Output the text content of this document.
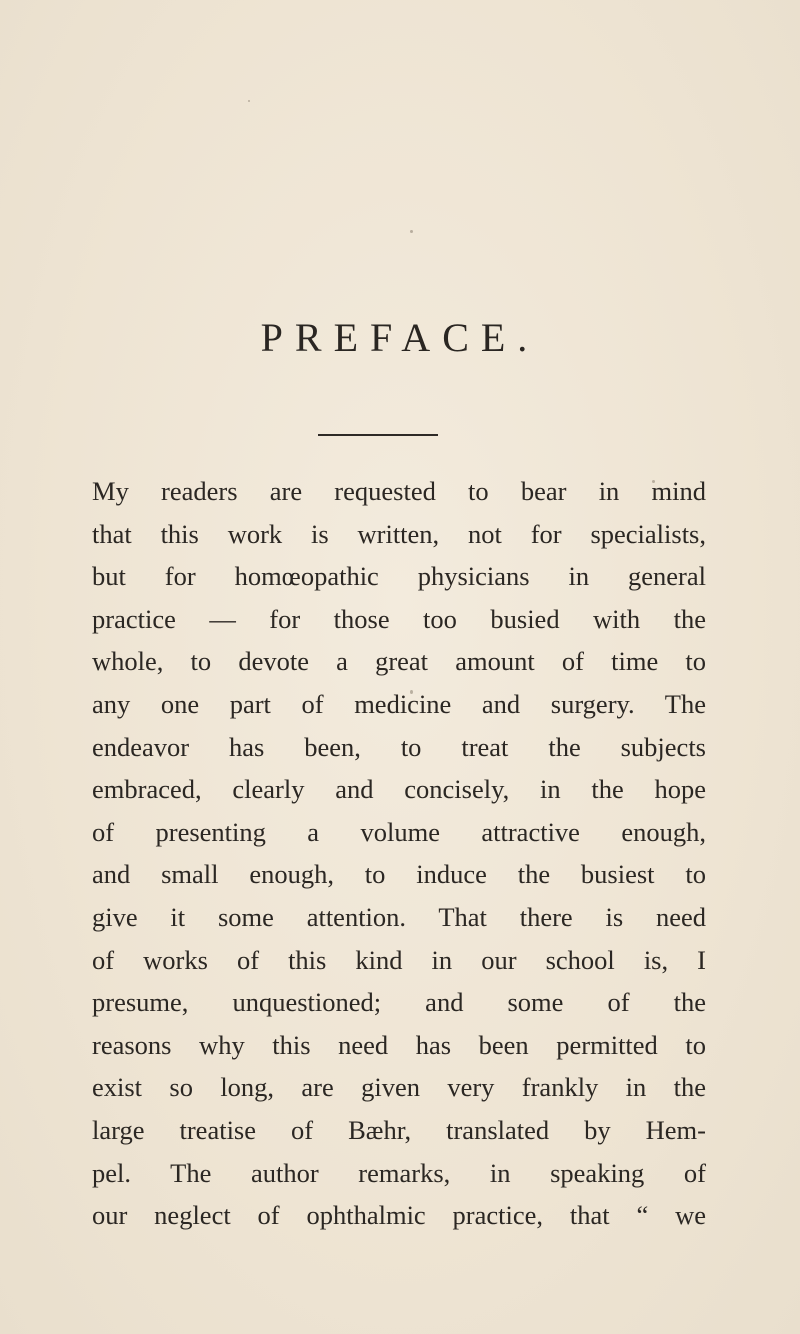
PREFACE.
My readers are requested to bear in mind
that this work is written, not for specialists,
but for homœopathic physicians in general
practice — for those too busied with the
whole, to devote a great amount of time to
any one part of medicine and surgery. The
endeavor has been, to treat the subjects
embraced, clearly and concisely, in the hope
of presenting a volume attractive enough,
and small enough, to induce the busiest to
give it some attention. That there is need
of works of this kind in our school is, I
presume, unquestioned; and some of the
reasons why this need has been permitted to
exist so long, are given very frankly in the
large treatise of Bæhr, translated by Hem-
pel. The author remarks, in speaking of
our neglect of ophthalmic practice, that “ we
